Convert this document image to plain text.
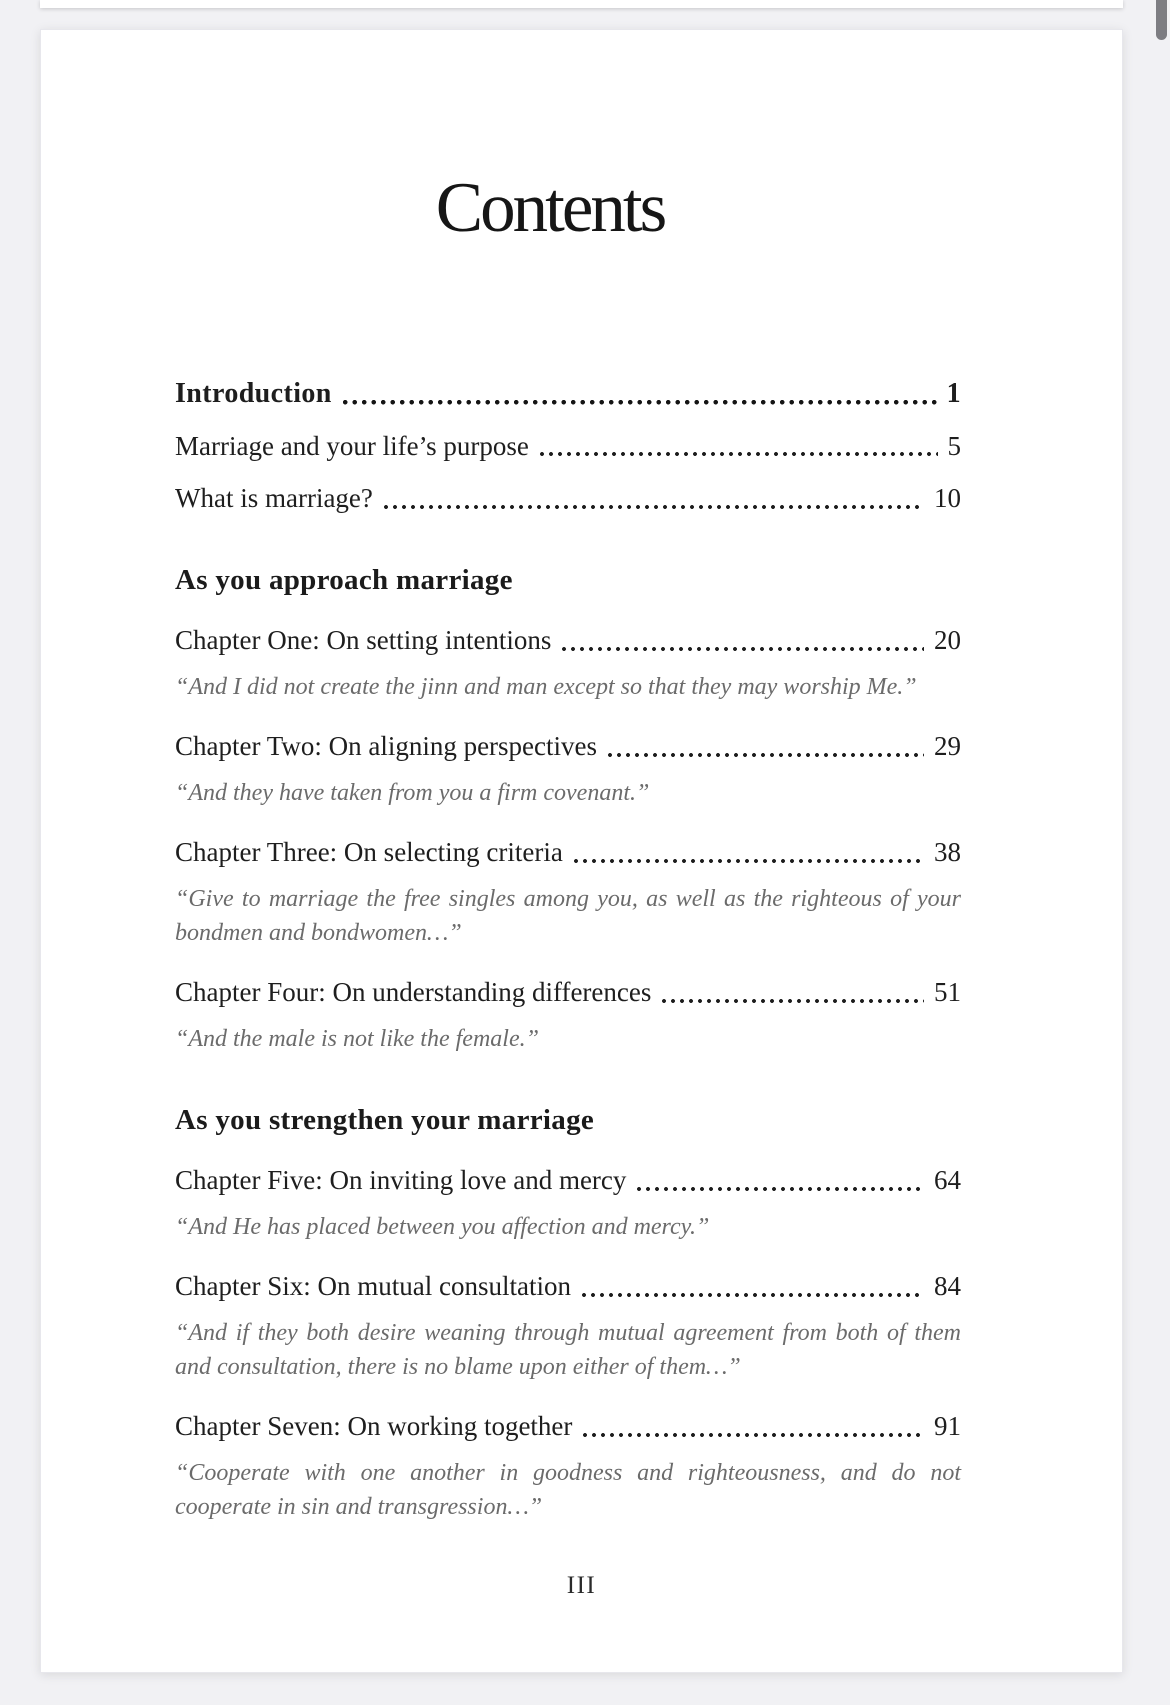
Contents
Introduction	1
Marriage and your life’s purpose	5
What is marriage?	10
As you approach marriage
Chapter One: On setting intentions	20

“And I did not create the jinn and man except so that they may worship Me.”

Chapter Two: On aligning perspectives	29

“And they have taken from you a firm covenant.”

Chapter Three: On selecting criteria	38

“Give to marriage the free singles among you, as well as the righteous of your bondmen and bondwomen…”

Chapter Four: On understanding differences	51

“And the male is not like the female.”

As you strengthen your marriage
Chapter Five: On inviting love and mercy	64

“And He has placed between you affection and mercy.”

Chapter Six: On mutual consultation	84

“And if they both desire weaning through mutual agreement from both of them and consultation, there is no blame upon either of them…”

Chapter Seven: On working together	91

“Cooperate with one another in goodness and righteousness, and do not cooperate in sin and transgression…”

III
